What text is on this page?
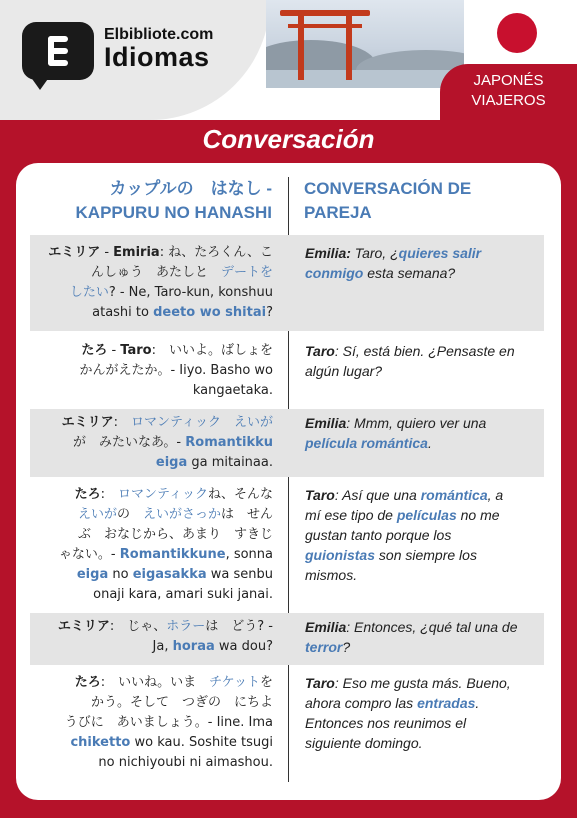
Elbibliote.com
Idiomas
JAPONÉS
VIAJEROS
Conversación
カップルの　はなし -
KAPPURU NO HANASHI
CONVERSACIÓN DE
PAREJA
エミリア - Emiria: ね、たろくん、こ
んしゅう　あたしと　デートを
したい? - Ne, Taro-kun, konshuu
atashi to deeto wo shitai?
Emilia: Taro, ¿quieres salir
conmigo esta semana?
たろ - Taro:　いいよ。ばしょを
かんがえたか。- Iiyo. Basho wo
kangaetaka.
Taro: Sí, está bien. ¿Pensaste en
algún lugar?
エミリア:　ロマンティック　えいが
が　みたいなあ。- Romantikku
eiga ga mitainaa.
Emilia: Mmm, quiero ver una
película romántica.
たろ:　ロマンティックね、そんな
えいがの　えいがさっかは　せん
ぶ　おなじから、あまり　すきじ
ゃない。- Romantikkune, sonna
eiga no eigasakka wa senbu
onaji kara, amari suki janai.
Taro: Así que una romántica, a
mí ese tipo de películas no me
gustan tanto porque los
guionistas son siempre los
mismos.
エミリア:　じゃ、ホラーは　どう? -
Ja, horaa wa dou?
Emilia: Entonces, ¿qué tal una de
terror?
たろ:　いいね。いま　チケットを
かう。そして　つぎの　にちよ
うびに　あいましょう。- Iine. Ima
chiketto wo kau. Soshite tsugi
no nichiyoubi ni aimashou.
Taro: Eso me gusta más. Bueno,
ahora compro las entradas.
Entonces nos reunimos el
siguiente domingo.
